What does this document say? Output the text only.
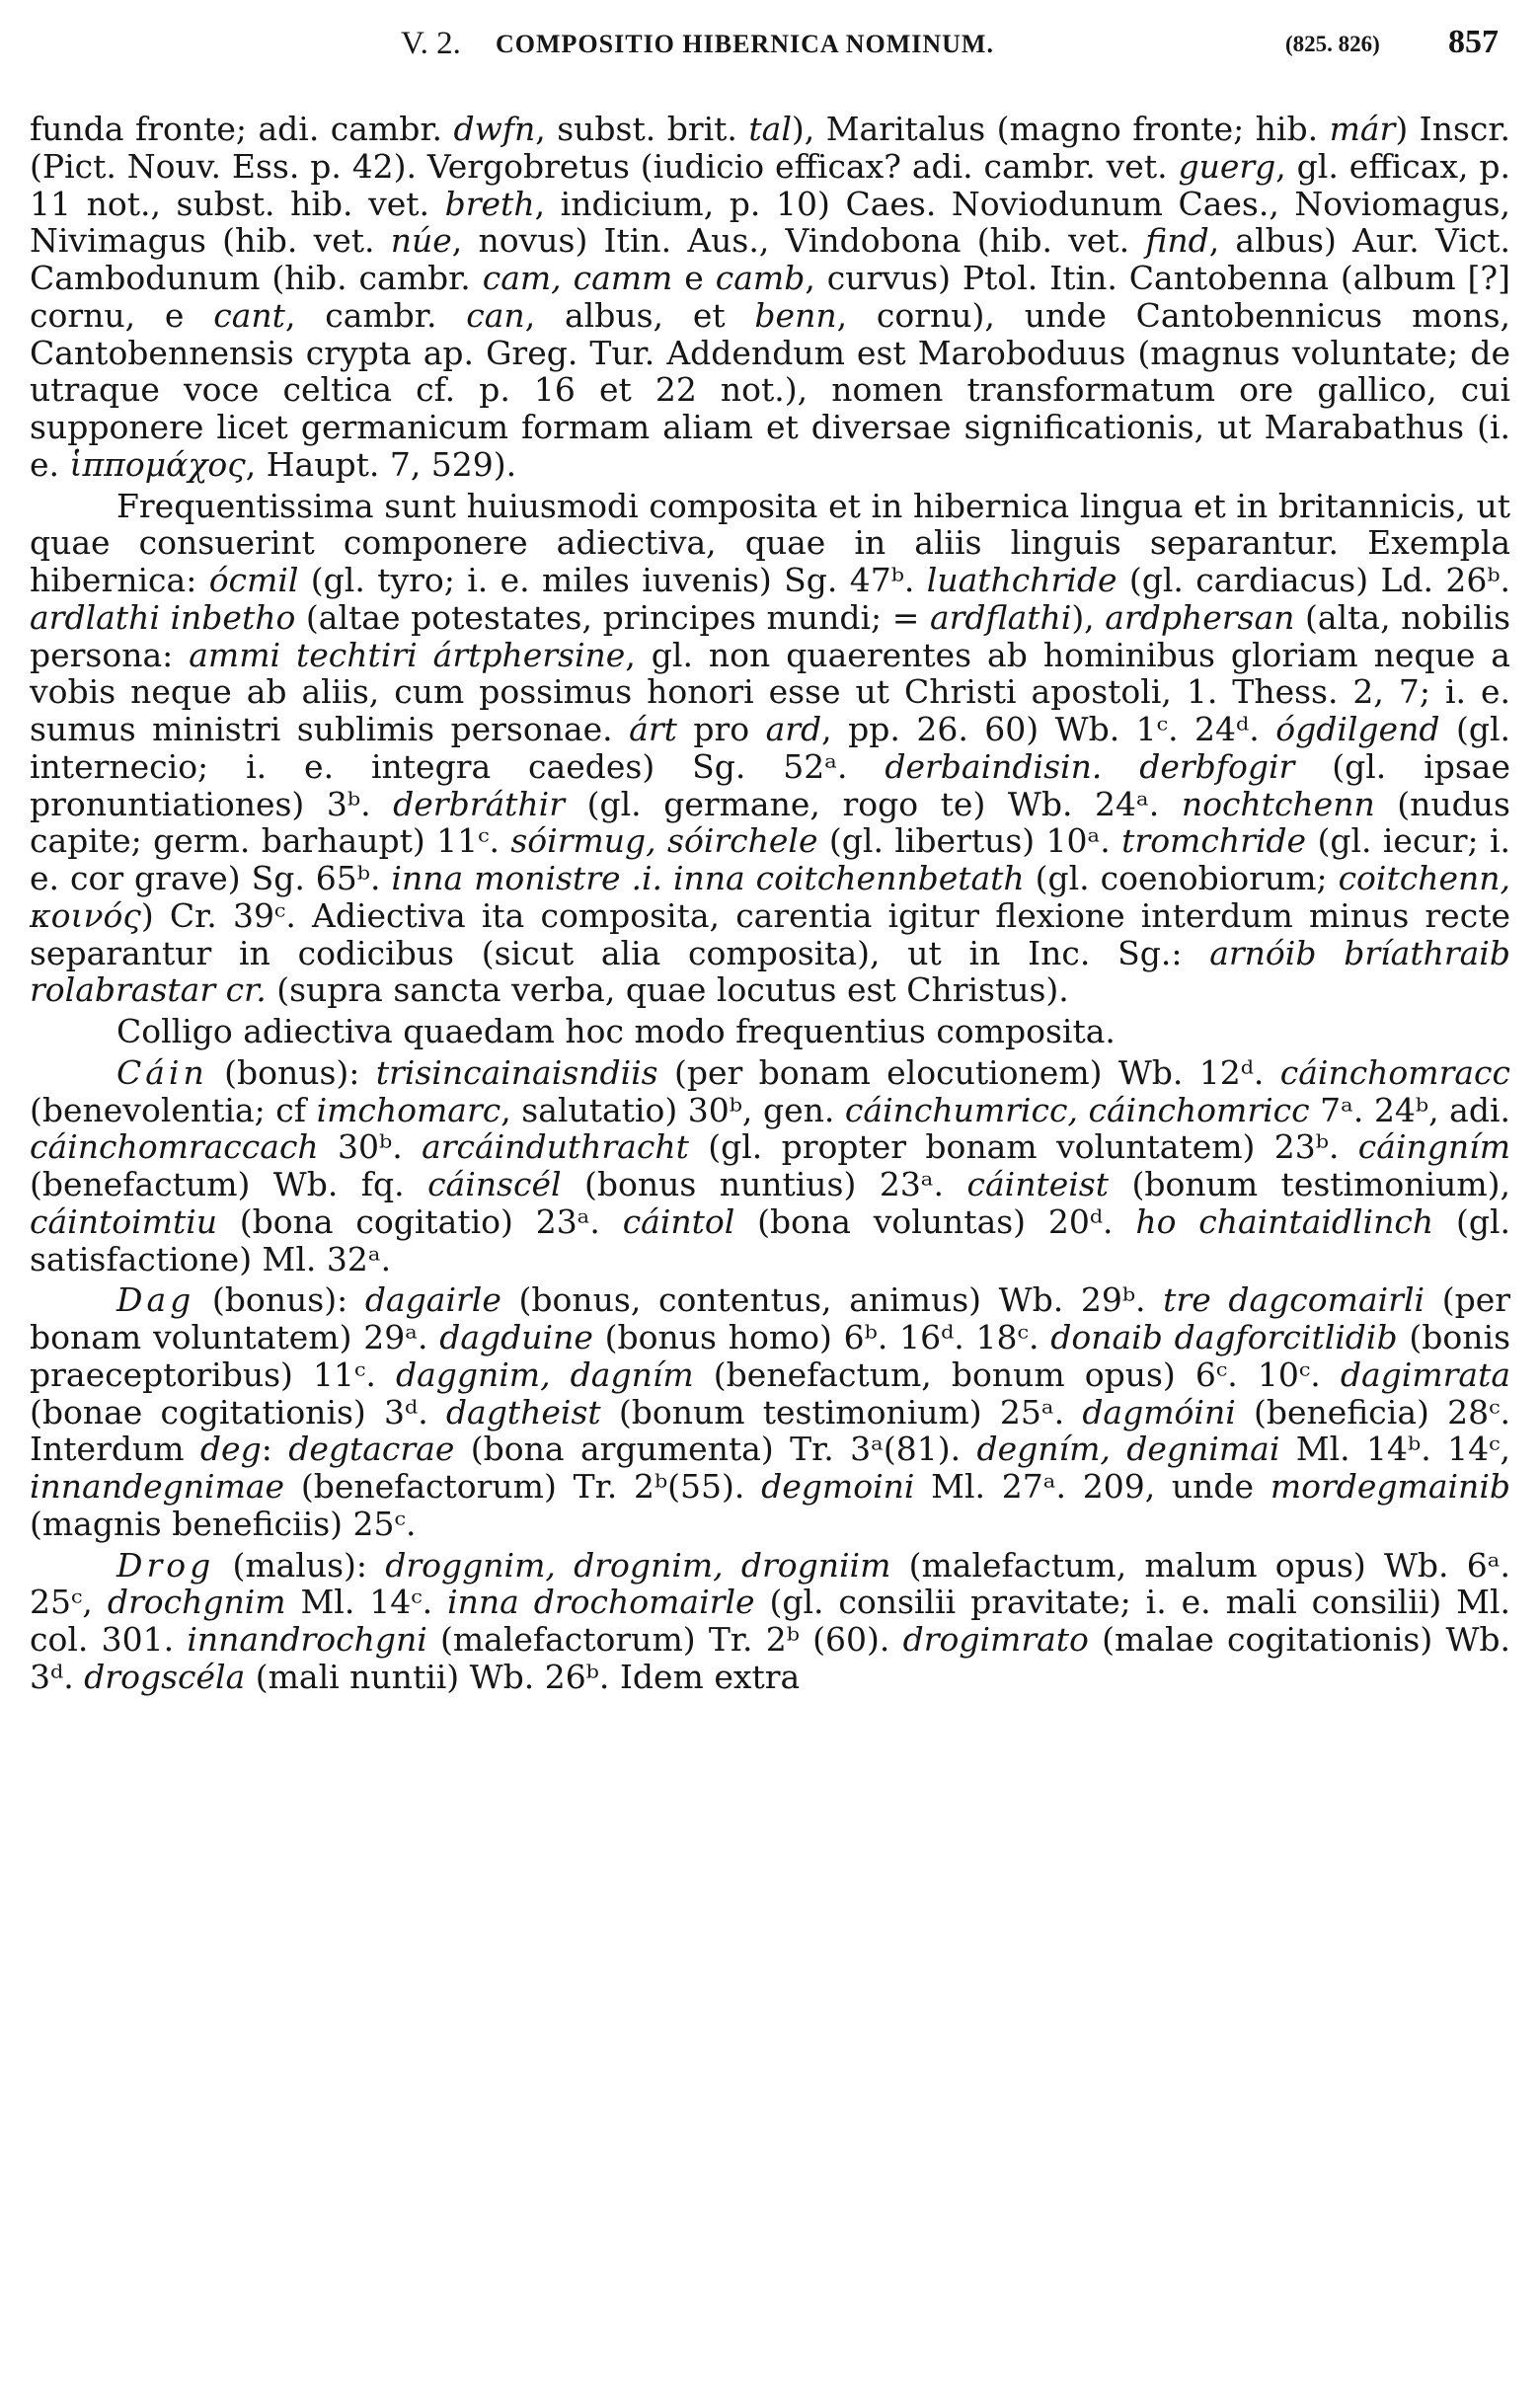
V. 2. COMPOSITIO HIBERNICA NOMINUM.	(825. 826) 857

funda fronte; adi. cambr. dwfn, subst. brit. tal), Maritalus (magno fronte; hib. már) Inscr. (Pict. Nouv. Ess. p. 42). Vergobretus (iudicio efficax? adi. cambr. vet. guerg, gl. efficax, p. 11 not., subst. hib. vet. breth, indicium, p. 10) Caes. Noviodunum Caes., Noviomagus, Nivimagus (hib. vet. núe, novus) Itin. Aus., Vindobona (hib. vet. find, albus) Aur. Vict. Cambodunum (hib. cambr. cam, camm e camb, curvus) Ptol. Itin. Cantobenna (album [?] cornu, e cant, cambr. can, albus, et benn, cornu), unde Cantobennicus mons, Cantobennensis crypta ap. Greg. Tur. Addendum est Maroboduus (magnus voluntate; de utraque voce celtica cf. p. 16 et 22 not.), nomen transformatum ore gallico, cui supponere licet germanicum formam aliam et diversae significationis, ut Marabathus (i. e. ἱππομάχος, Haupt. 7, 529).

Frequentissima sunt huiusmodi composita et in hibernica lingua et in britannicis, ut quae consuerint componere adiectiva, quae in aliis linguis separantur. Exempla hibernica: ócmil (gl. tyro; i. e. miles iuvenis) Sg. 47ᵇ. luathchride (gl. cardiacus) Ld. 26ᵇ. ardlathi inbetho (altae potestates, principes mundi; = ardflathi), ardphersan (alta, nobilis persona: ammi techtiri ártphersine, gl. non quaerentes ab hominibus gloriam neque a vobis neque ab aliis, cum possimus honori esse ut Christi apostoli, 1. Thess. 2, 7; i. e. sumus ministri sublimis personae. árt pro ard, pp. 26. 60) Wb. 1ᶜ. 24ᵈ. ógdilgend (gl. internecio; i. e. integra caedes) Sg. 52ᵃ. derbaindisin. derbfogir (gl. ipsae pronuntiationes) 3ᵇ. derbráthir (gl. germane, rogo te) Wb. 24ᵃ. nochtchenn (nudus capite; germ. barhaupt) 11ᶜ. sóirmug, sóirchele (gl. libertus) 10ᵃ. tromchride (gl. iecur; i. e. cor grave) Sg. 65ᵇ. inna monistre .i. inna coitchennbetath (gl. coenobiorum; coitchenn, κοινός) Cr. 39ᶜ. Adiectiva ita composita, carentia igitur flexione interdum minus recte separantur in codicibus (sicut alia composita), ut in Inc. Sg.: arnóib bríathraib rolabrastar cr. (supra sancta verba, quae locutus est Christus).

Colligo adiectiva quaedam hoc modo frequentius composita.

Cáin (bonus): trisincainaisndiis (per bonam elocutionem) Wb. 12ᵈ. cáinchomracc (benevolentia; cf imchomarc, salutatio) 30ᵇ, gen. cáinchumricc, cáinchomricc 7ᵃ. 24ᵇ, adi. cáinchomraccach 30ᵇ. arcáinduthracht (gl. propter bonam voluntatem) 23ᵇ. cáingním (benefactum) Wb. fq. cáinscél (bonus nuntius) 23ᵃ. cáinteist (bonum testimonium), cáintoimtiu (bona cogitatio) 23ᵃ. cáintol (bona voluntas) 20ᵈ. ho chaintaidlinch (gl. satisfactione) Ml. 32ᵃ.

Dag (bonus): dagairle (bonus, contentus, animus) Wb. 29ᵇ. tre dagcomairli (per bonam voluntatem) 29ᵃ. dagduine (bonus homo) 6ᵇ. 16ᵈ. 18ᶜ. donaib dagforcitlidib (bonis praeceptoribus) 11ᶜ. daggnim, dagním (benefactum, bonum opus) 6ᶜ. 10ᶜ. dagimrata (bonae cogitationis) 3ᵈ. dagtheist (bonum testimonium) 25ᵃ. dagmóini (beneficia) 28ᶜ. Interdum deg: degtacrae (bona argumenta) Tr. 3ᵃ(81). degním, degnimai Ml. 14ᵇ. 14ᶜ, innandegnimae (benefactorum) Tr. 2ᵇ(55). degmoini Ml. 27ᵃ. 209, unde mordegmainib (magnis beneficiis) 25ᶜ.

Drog (malus): droggnim, drognim, drogniim (malefactum, malum opus) Wb. 6ᵃ. 25ᶜ, drochgnim Ml. 14ᶜ. inna drochomairle (gl. consilii pravitate; i. e. mali consilii) Ml. col. 301. innandrochgni (malefactorum) Tr. 2ᵇ (60). drogimrato (malae cogitationis) Wb. 3ᵈ. drogscéla (mali nuntii) Wb. 26ᵇ. Idem extra
